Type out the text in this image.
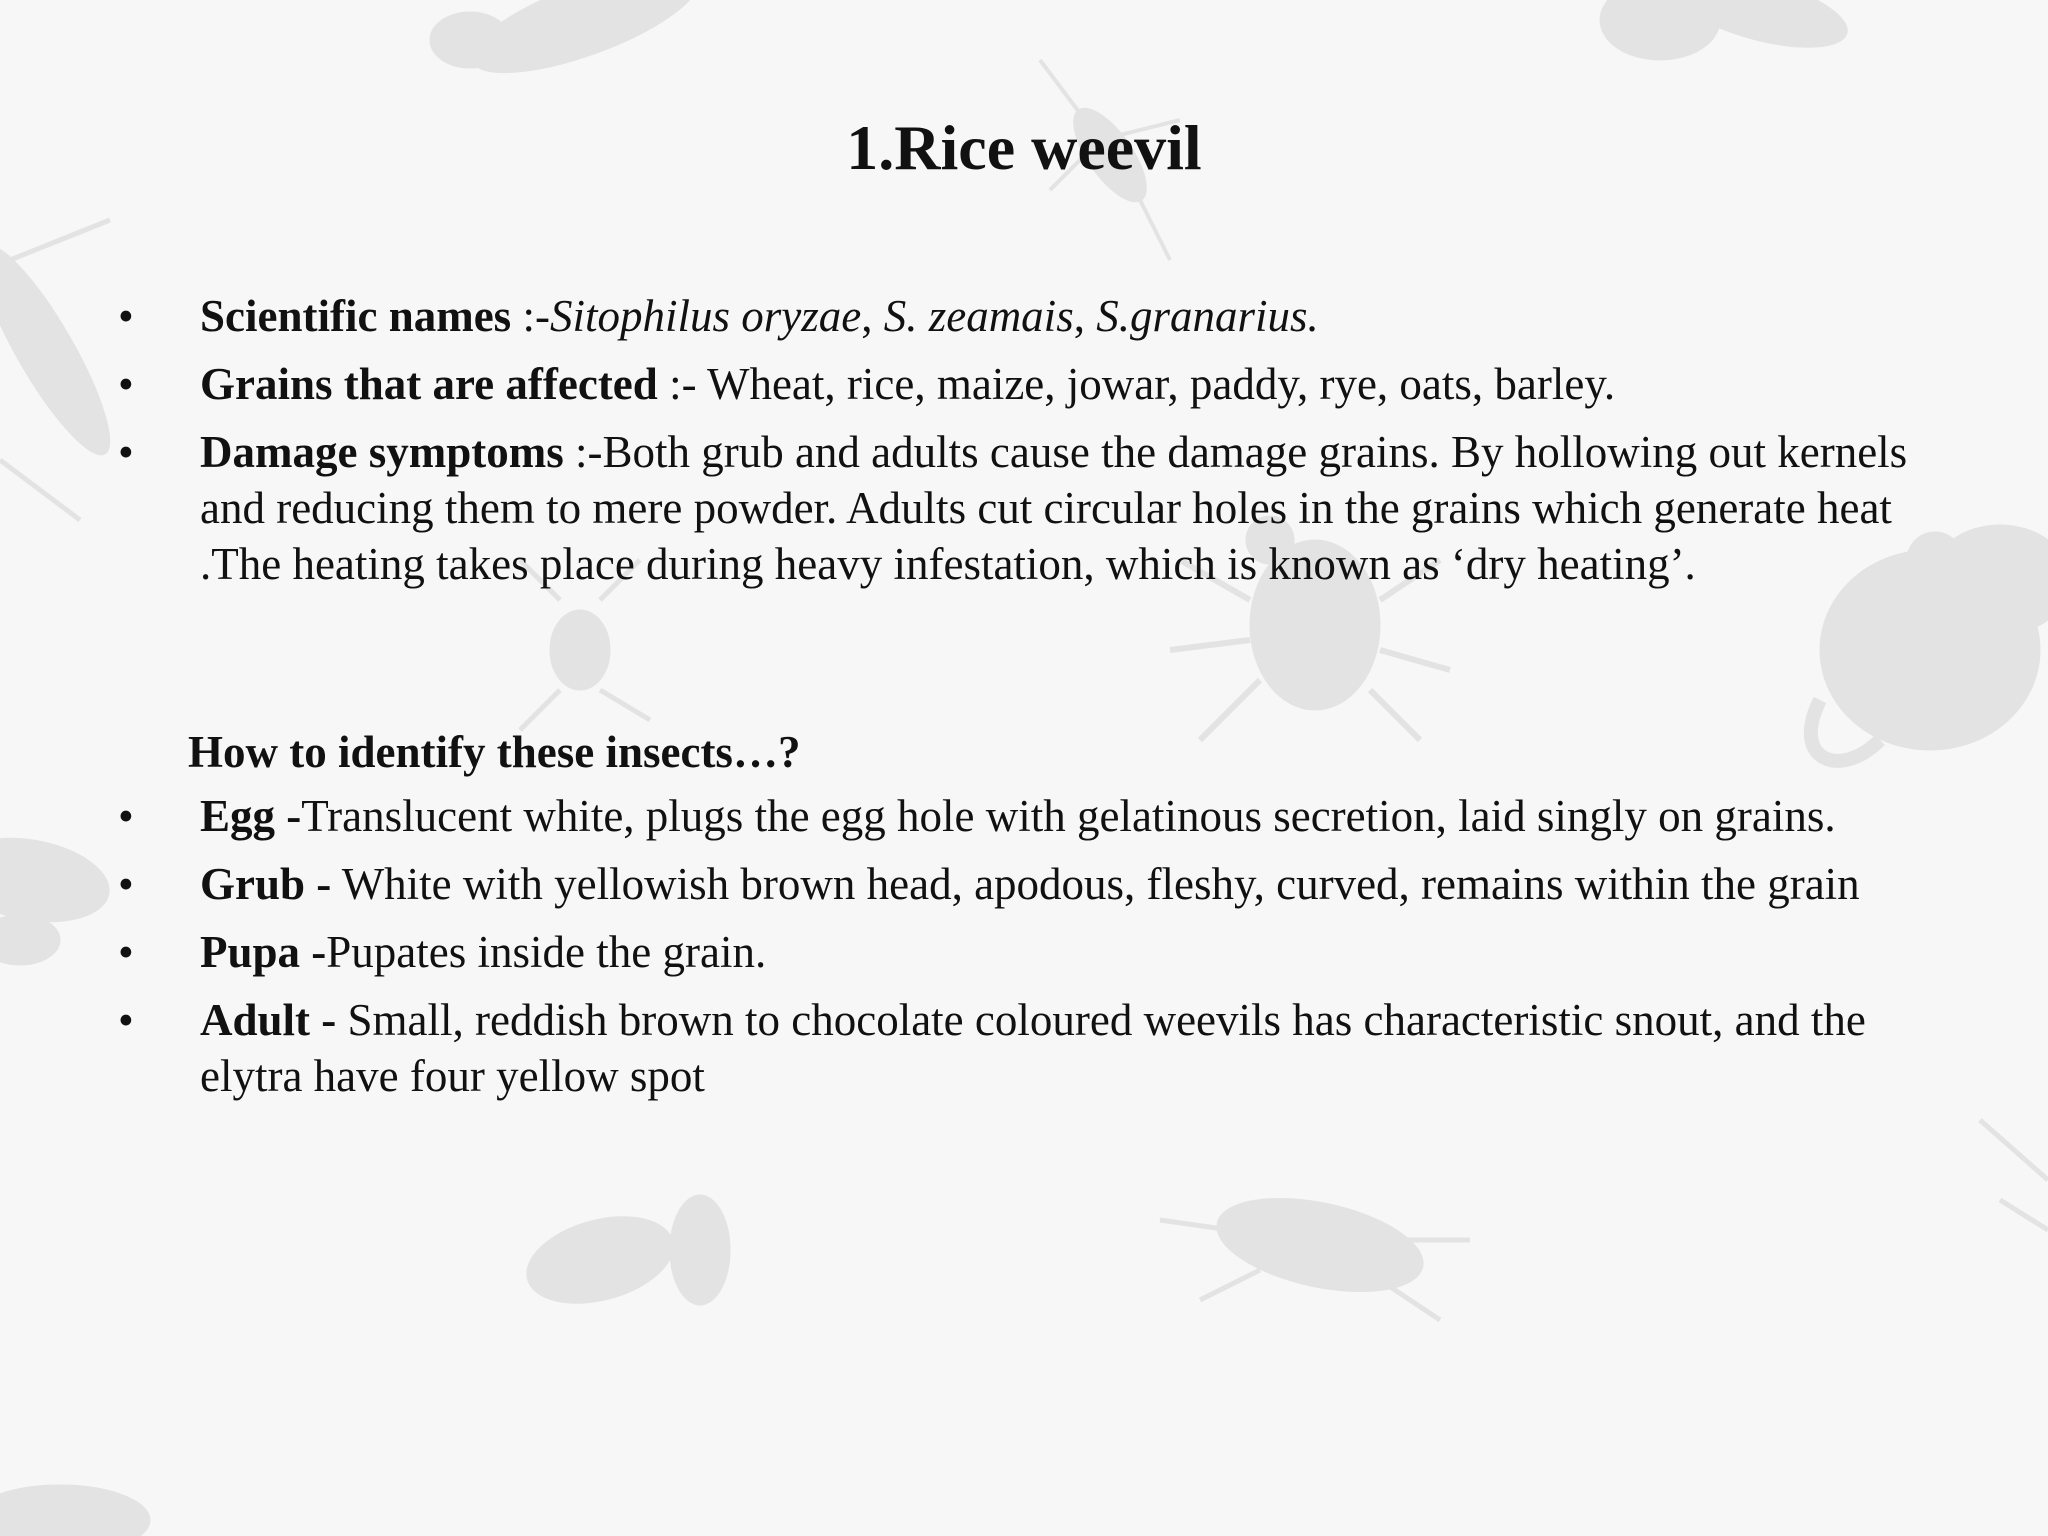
1.Rice weevil
•	Scientific names :-Sitophilus oryzae, S. zeamais, S.granarius.
•	Grains that are affected :- Wheat, rice, maize, jowar, paddy, rye, oats, barley.
•	Damage symptoms :-Both grub and adults cause the damage grains. By hollowing out kernels and reducing them to mere powder. Adults cut circular holes in the grains which generate heat .The heating takes place during heavy infestation, which is known as ‘dry heating’.
How to identify these insects…?
•	Egg -Translucent white, plugs the egg hole with gelatinous secretion, laid singly on grains.
•	Grub - White with yellowish brown head, apodous, fleshy, curved, remains within the grain
•	Pupa -Pupates inside the grain.
•	Adult - Small, reddish brown to chocolate coloured weevils has characteristic snout, and the elytra have four yellow spot
